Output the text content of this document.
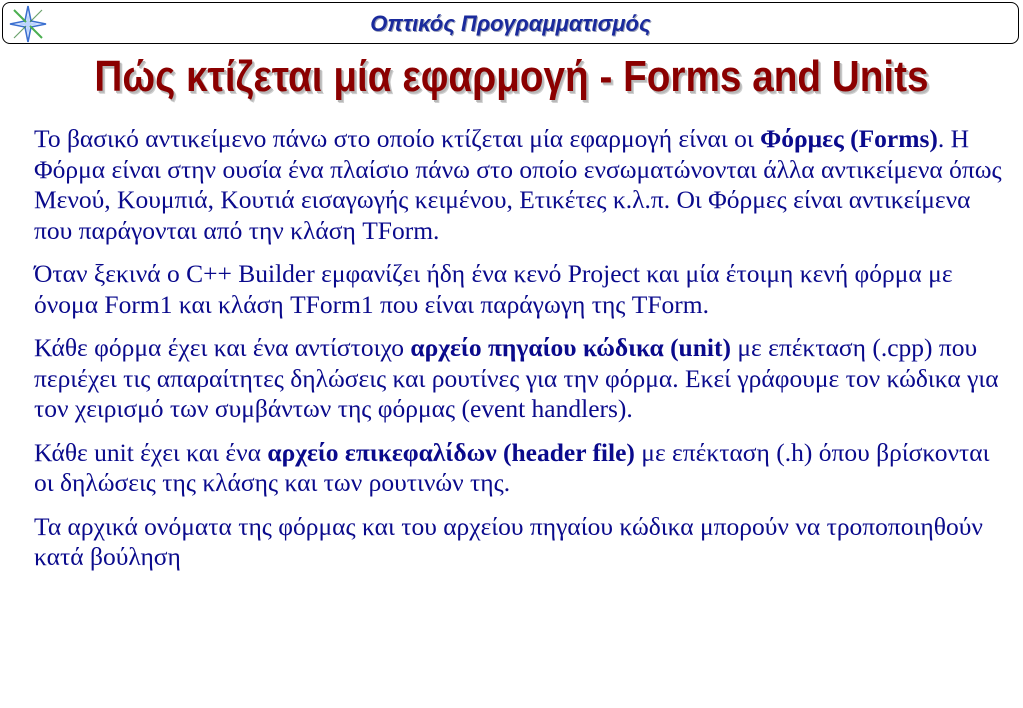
Οπτικός Προγραμματισμός
Πώς κτίζεται μία εφαρμογή - Forms and Units

Το βασικό αντικείμενο πάνω στο οποίο κτίζεται μία εφαρμογή είναι οι Φόρμες (Forms). Η Φόρμα είναι στην ουσία ένα πλαίσιο πάνω στο οποίο ενσωματώνονται άλλα αντικείμενα όπως Μενού, Κουμπιά, Κουτιά εισαγωγής κειμένου, Ετικέτες κ.λ.π. Οι Φόρμες είναι αντικείμενα που παράγονται από την κλάση TForm.

Όταν ξεκινά ο C++ Builder εμφανίζει ήδη ένα κενό Project και μία έτοιμη κενή φόρμα με όνομα Form1 και κλάση TForm1 που είναι παράγωγη της TForm.

Κάθε φόρμα έχει και ένα αντίστοιχο αρχείο πηγαίου κώδικα (unit) με επέκταση (.cpp) που περιέχει τις απαραίτητες δηλώσεις και ρουτίνες για την φόρμα. Εκεί γράφουμε τον κώδικα για τον χειρισμό των συμβάντων της φόρμας (event handlers).

Κάθε unit έχει και ένα αρχείο επικεφαλίδων (header file) με επέκταση (.h) όπου βρίσκονται οι δηλώσεις της κλάσης και των ρουτινών της.

Τα αρχικά ονόματα της φόρμας και του αρχείου πηγαίου κώδικα μπορούν να τροποποιηθούν κατά βούληση
